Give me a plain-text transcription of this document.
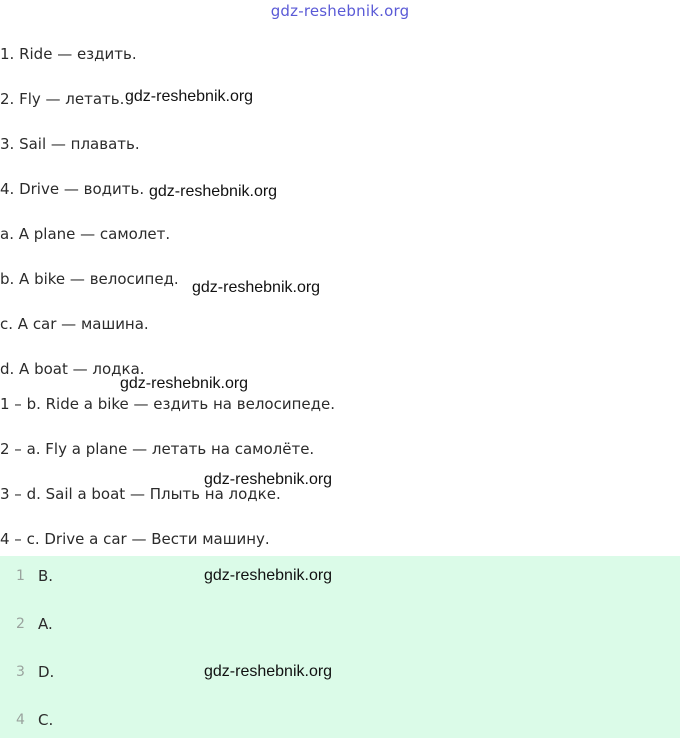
gdz-reshebnik.org
1. Ride — ездить.
2. Fly — летать.
3. Sail — плавать.
4. Drive — водить.
a. A plane — самолет.
b. A bike — велосипед.
c. A car — машина.
d. A boat — лодка.
1 – b. Ride a bike — ездить на велосипеде.
2 – a. Fly a plane — летать на самолёте.
3 – d. Sail a boat — Плыть на лодке.
4 – c. Drive a car — Вести машину.
gdz-reshebnik.org
gdz-reshebnik.org
gdz-reshebnik.org
gdz-reshebnik.org
gdz-reshebnik.org
1 B.
2 A.
3 D.
4 C.
gdz-reshebnik.org
gdz-reshebnik.org
